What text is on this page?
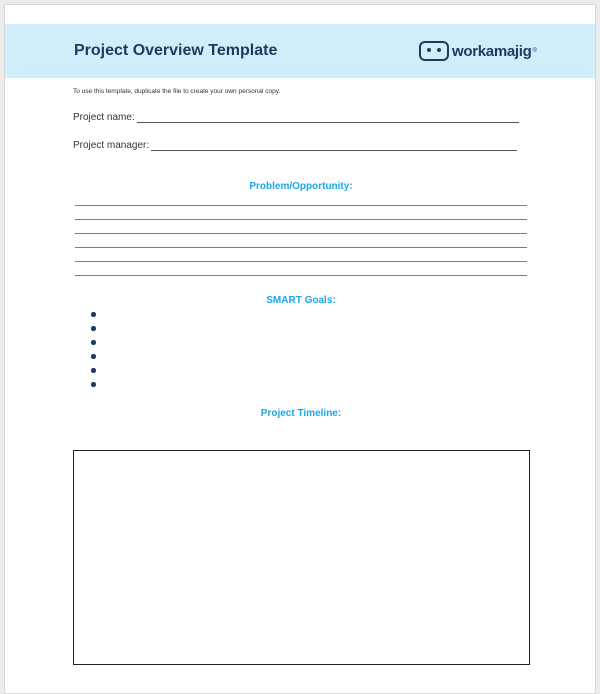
Project Overview Template	workamajig ®
To use this template, duplicate the file to create your own personal copy.
Project name:
Project manager:
Problem/Opportunity:
SMART Goals:
Project Timeline:
